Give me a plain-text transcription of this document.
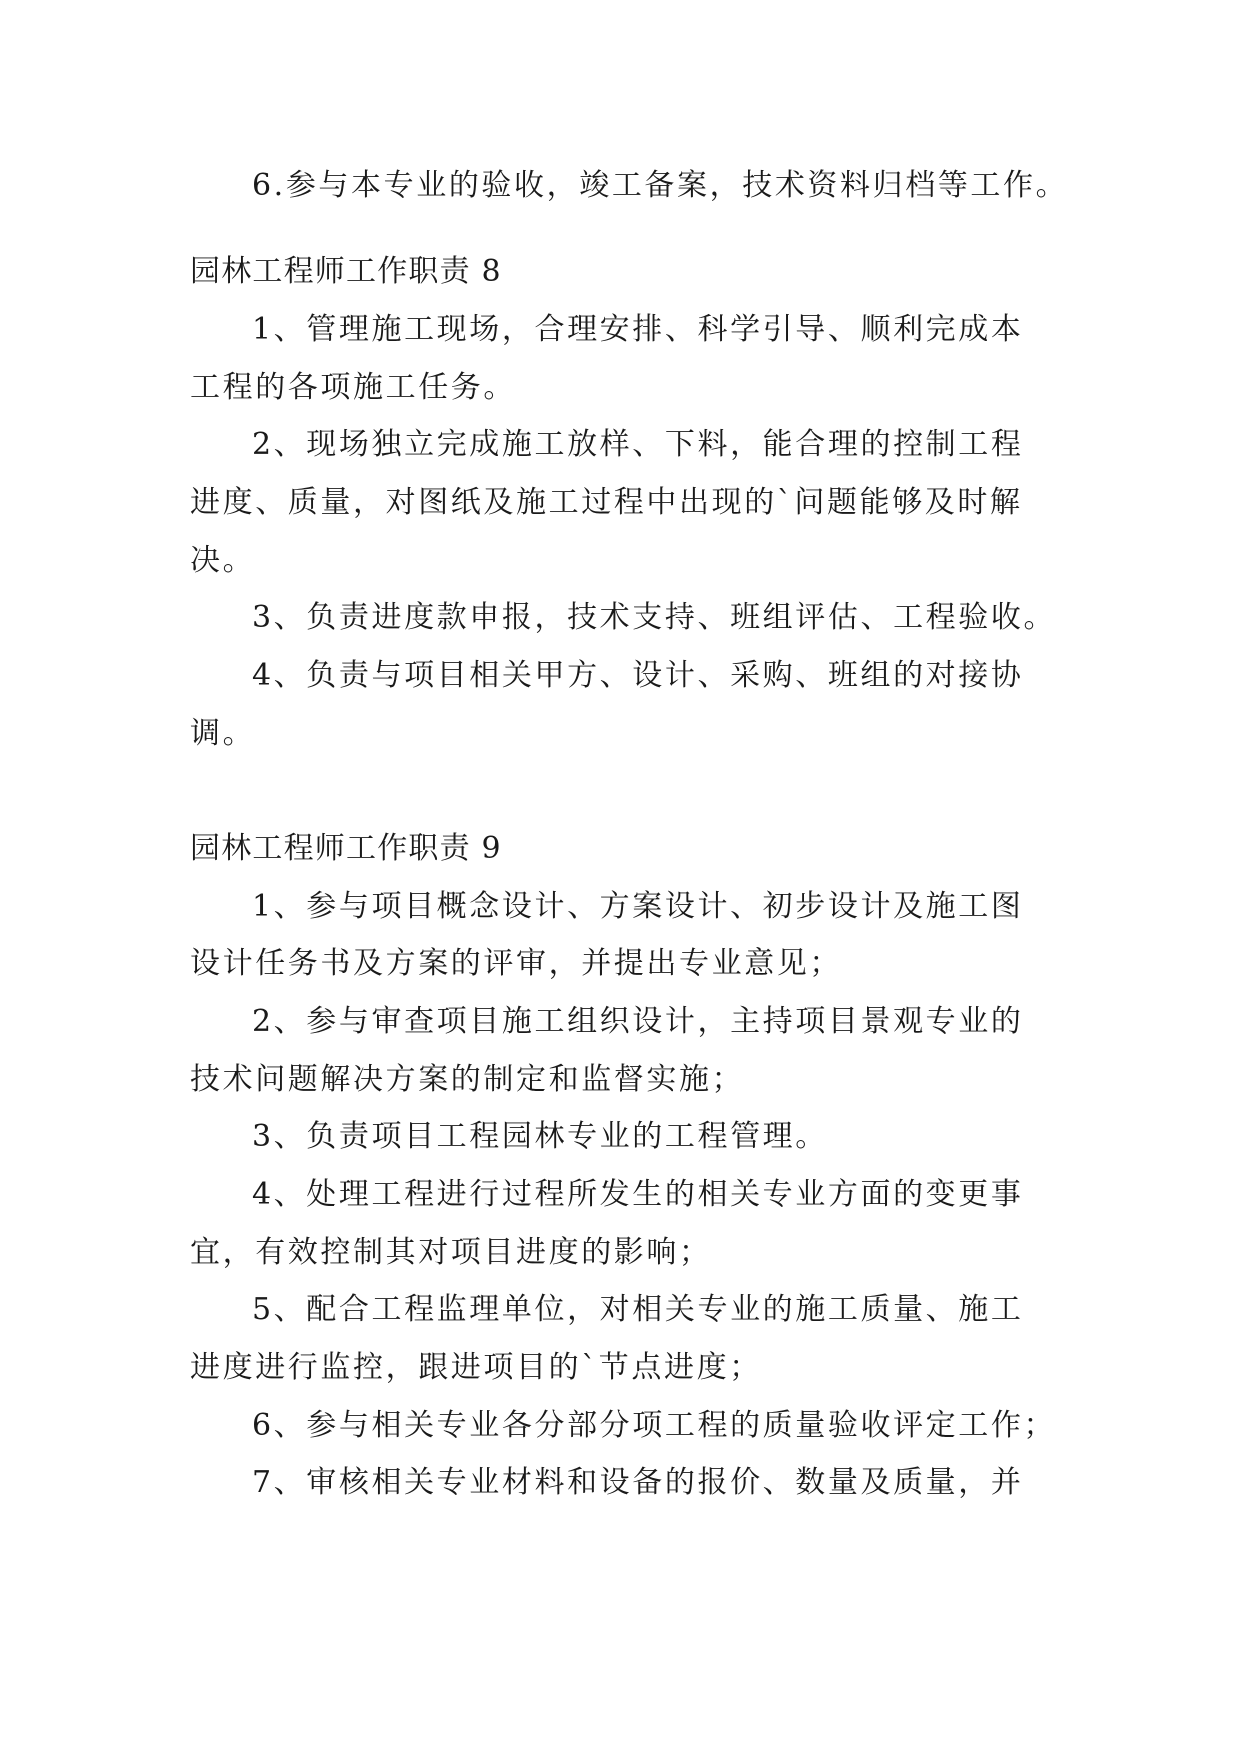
6.参与本专业的验收，竣工备案，技术资料归档等工作。
园林工程师工作职责 8
1、管理施工现场，合理安排、科学引导、顺利完成本
工程的各项施工任务。
2、现场独立完成施工放样、下料，能合理的控制工程
进度、质量，对图纸及施工过程中出现的`问题能够及时解
决。
3、负责进度款申报，技术支持、班组评估、工程验收。
4、负责与项目相关甲方、设计、采购、班组的对接协
调。
园林工程师工作职责 9
1、参与项目概念设计、方案设计、初步设计及施工图
设计任务书及方案的评审，并提出专业意见；
2、参与审查项目施工组织设计，主持项目景观专业的
技术问题解决方案的制定和监督实施；
3、负责项目工程园林专业的工程管理。
4、处理工程进行过程所发生的相关专业方面的变更事
宜，有效控制其对项目进度的影响；
5、配合工程监理单位，对相关专业的施工质量、施工
进度进行监控，跟进项目的`节点进度；
6、参与相关专业各分部分项工程的质量验收评定工作；
7、审核相关专业材料和设备的报价、数量及质量，并
